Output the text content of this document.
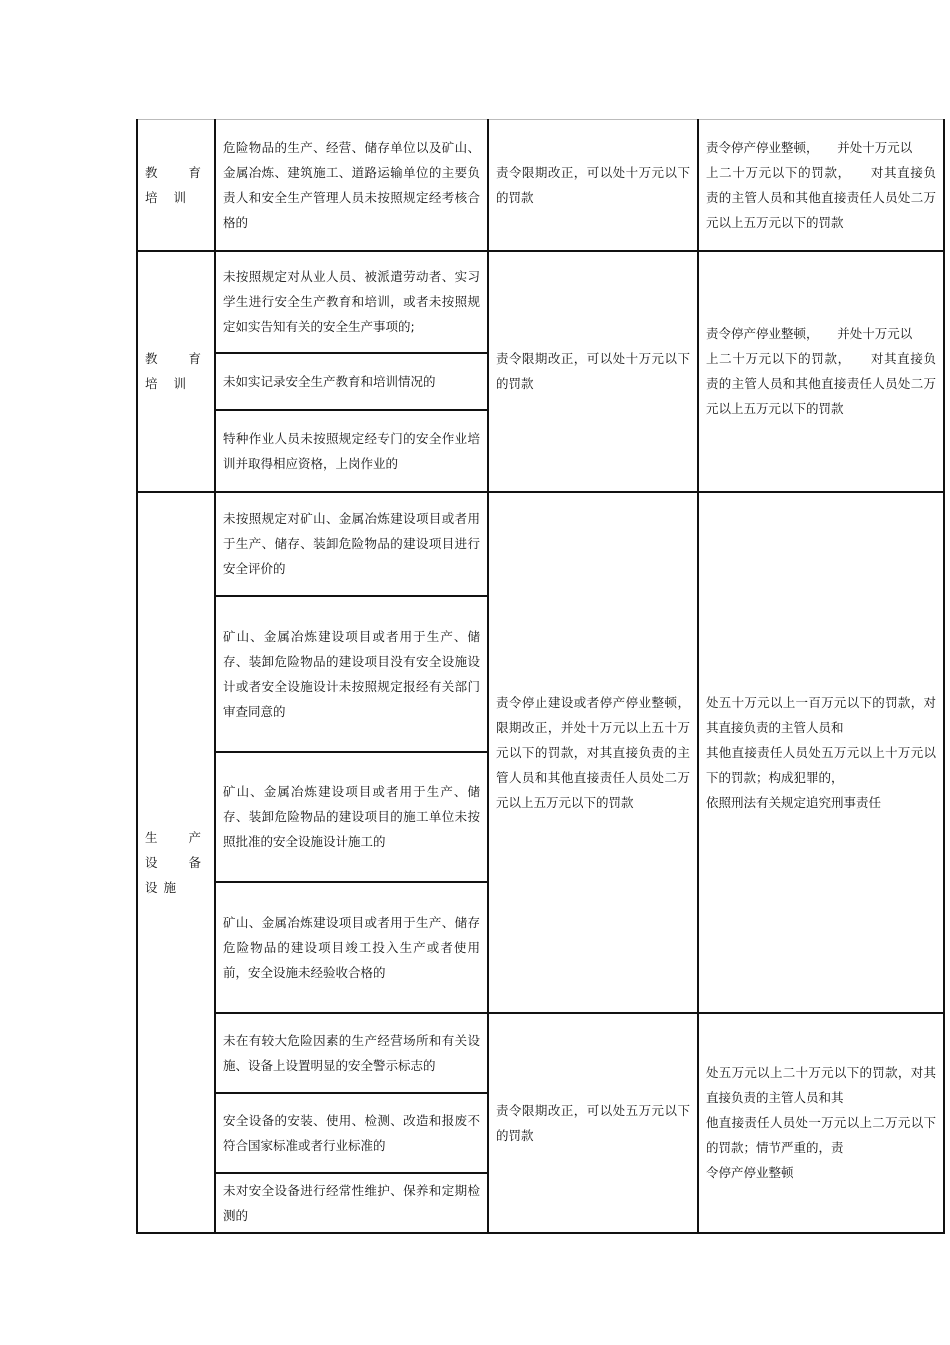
教 育 培 训	危险物品的生产、经营、储存单位以及矿山、金属冶炼、建筑施工、道路运输单位的主要负责人和安全生产管理人员未按照规定经考核合格的	责令限期改正，可以处十万元以下的罚款	责令停产停业整顿，　　并处十万元以
上二十万元以下的罚款，　　对其直接负责的主管人员和其他直接责任人员处二万元以上五万元以下的罚款

教 育 培 训	未按照规定对从业人员、被派遣劳动者、实习学生进行安全生产教育和培训，或者未按照规定如实告知有关的安全生产事项的;	责令限期改正，可以处十万元以下的罚款	责令停产停业整顿，　　并处十万元以
上二十万元以下的罚款，　　对其直接负责的主管人员和其他直接责任人员处二万元以上五万元以下的罚款

	未如实记录安全生产教育和培训情况的		
	特种作业人员未按照规定经专门的安全作业培训并取得相应资格，上岗作业的		
生 产 设 备设施	未按照规定对矿山、金属冶炼建设项目或者用于生产、储存、装卸危险物品的建设项目进行安全评价的	责令停止建设或者停产停业整顿，限期改正，并处十万元以上五十万元以下的罚款，对其直接负责的主管人员和其他直接责任人员处二万元以上五万元以下的罚款	处五十万元以上一百万元以下的罚款，对其直接负责的主管人员和
其他直接责任人员处五万元以上十万元以下的罚款；构成犯罪的，
依照刑法有关规定追究刑事责任

	矿山、金属冶炼建设项目或者用于生产、储存、装卸危险物品的建设项目没有安全设施设计或者安全设施设计未按照规定报经有关部门审查同意的		
	矿山、金属冶炼建设项目或者用于生产、储存、装卸危险物品的建设项目的施工单位未按照批准的安全设施设计施工的		
	矿山、金属冶炼建设项目或者用于生产、储存危险物品的建设项目竣工投入生产或者使用前，安全设施未经验收合格的		
	未在有较大危险因素的生产经营场所和有关设施、设备上设置明显的安全警示标志的	责令限期改正，可以处五万元以下的罚款	处五万元以上二十万元以下的罚款，对其直接负责的主管人员和其
他直接责任人员处一万元以上二万元以下的罚款；情节严重的，责
令停产停业整顿

	安全设备的安装、使用、检测、改造和报废不符合国家标准或者行业标准的		
	未对安全设备进行经常性维护、保养和定期检测的		
